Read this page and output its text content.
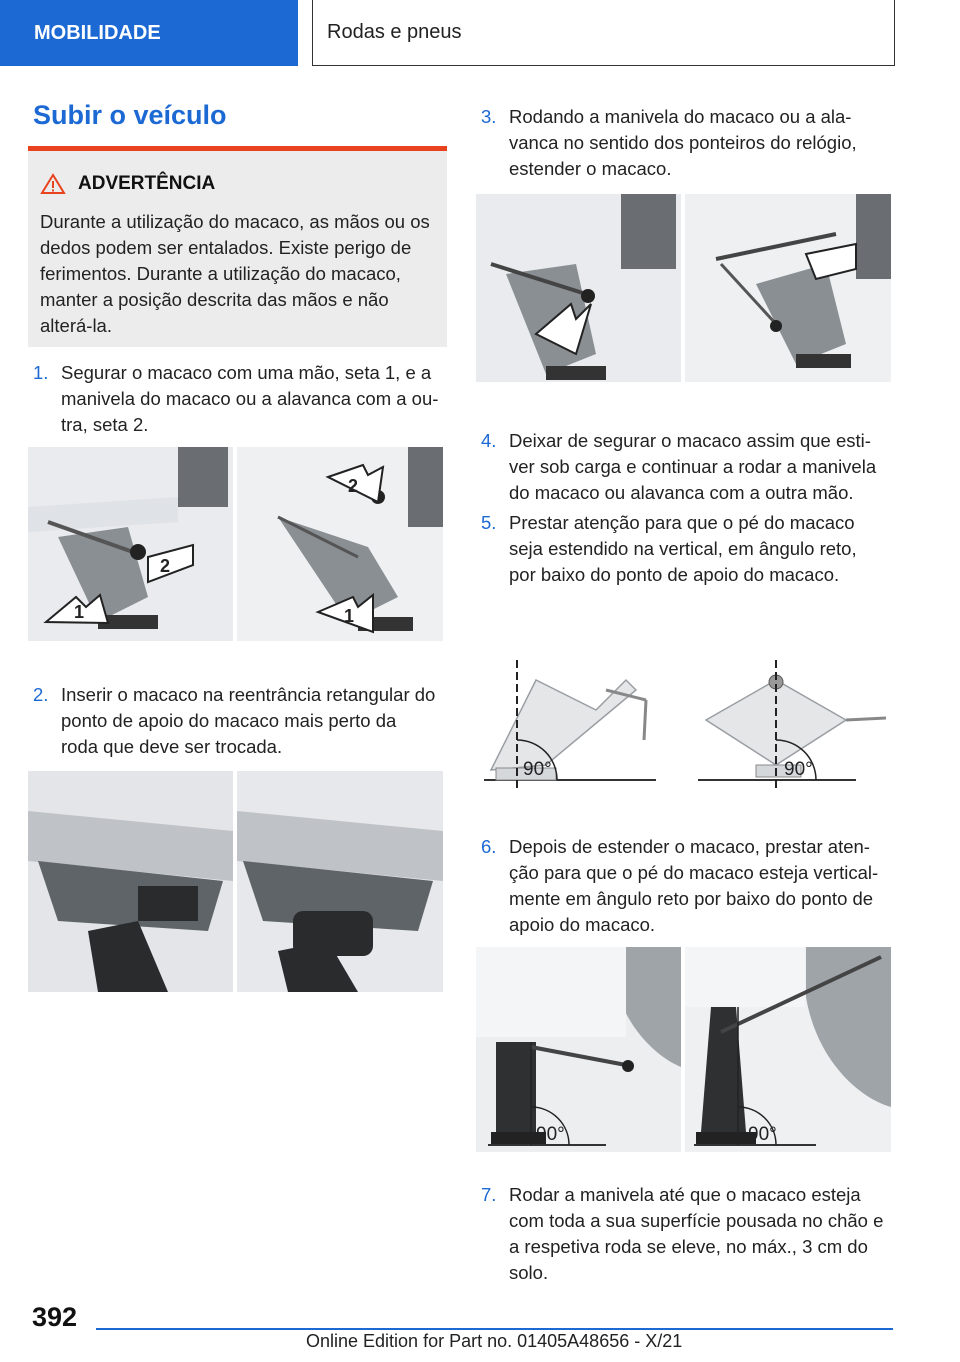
MOBILIDADE	Rodas e pneus
Subir o veículo
ADVERTÊNCIA
Durante a utilização do macaco, as mãos ou os dedos podem ser entalados. Existe perigo de ferimentos. Durante a utilização do macaco, manter a posição descrita das mãos e não alterá-la.
1. Segurar o macaco com uma mão, seta 1, e a
manivela do macaco ou a alavanca com a ou-
tra, seta 2.
1
2
1
2
2. Inserir o macaco na reentrância retangular do
ponto de apoio do macaco mais perto da
roda que deve ser trocada.
3. Rodando a manivela do macaco ou a ala-
vanca no sentido dos ponteiros do relógio,
estender o macaco.
4. Deixar de segurar o macaco assim que esti-
ver sob carga e continuar a rodar a manivela
do macaco ou alavanca com a outra mão.
5. Prestar atenção para que o pé do macaco
seja estendido na vertical, em ângulo reto,
por baixo do ponto de apoio do macaco.
90°	90°
6. Depois de estender o macaco, prestar aten-
ção para que o pé do macaco esteja vertical-
mente em ângulo reto por baixo do ponto de
apoio do macaco.
90°	90°
7. Rodar a manivela até que o macaco esteja
com toda a sua superfície pousada no chão e
a respetiva roda se eleve, no máx., 3 cm do
solo.
392
Online Edition for Part no. 01405A48656 - X/21
